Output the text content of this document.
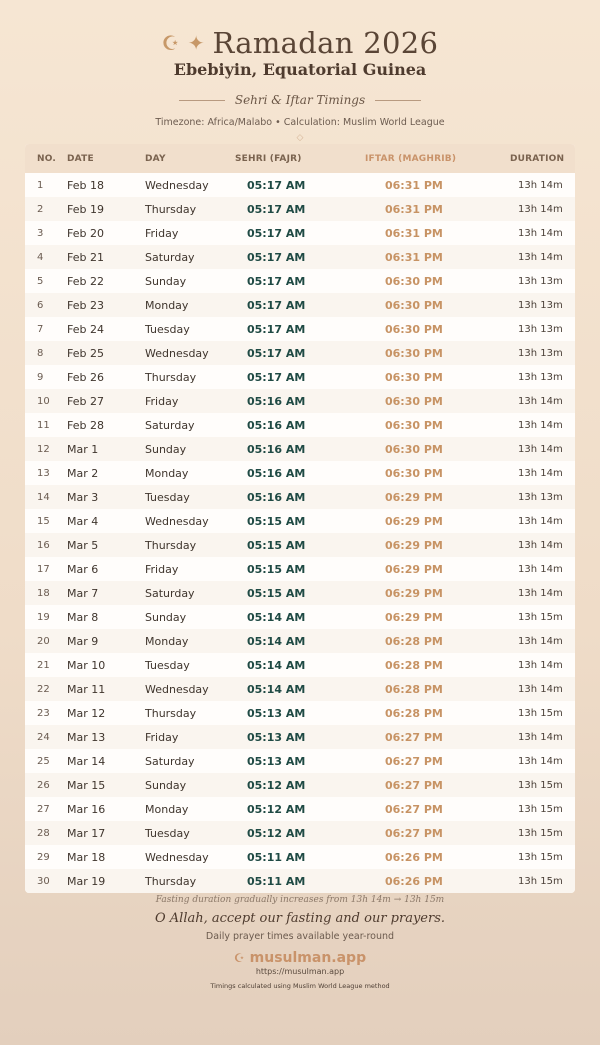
☪ ✦ Ramadan 2026
Ebebiyin, Equatorial Guinea
Sehri & Iftar Timings
Timezone: Africa/Malabo • Calculation: Muslim World League
◇
NO.	DATE	DAY	SEHRI (FAJR)	IFTAR (MAGHRIB)	DURATION
1	Feb 18	Wednesday	05:17 AM	06:31 PM	13h 14m
2	Feb 19	Thursday	05:17 AM	06:31 PM	13h 14m
3	Feb 20	Friday	05:17 AM	06:31 PM	13h 14m
4	Feb 21	Saturday	05:17 AM	06:31 PM	13h 14m
5	Feb 22	Sunday	05:17 AM	06:30 PM	13h 13m
6	Feb 23	Monday	05:17 AM	06:30 PM	13h 13m
7	Feb 24	Tuesday	05:17 AM	06:30 PM	13h 13m
8	Feb 25	Wednesday	05:17 AM	06:30 PM	13h 13m
9	Feb 26	Thursday	05:17 AM	06:30 PM	13h 13m
10	Feb 27	Friday	05:16 AM	06:30 PM	13h 14m
11	Feb 28	Saturday	05:16 AM	06:30 PM	13h 14m
12	Mar 1	Sunday	05:16 AM	06:30 PM	13h 14m
13	Mar 2	Monday	05:16 AM	06:30 PM	13h 14m
14	Mar 3	Tuesday	05:16 AM	06:29 PM	13h 13m
15	Mar 4	Wednesday	05:15 AM	06:29 PM	13h 14m
16	Mar 5	Thursday	05:15 AM	06:29 PM	13h 14m
17	Mar 6	Friday	05:15 AM	06:29 PM	13h 14m
18	Mar 7	Saturday	05:15 AM	06:29 PM	13h 14m
19	Mar 8	Sunday	05:14 AM	06:29 PM	13h 15m
20	Mar 9	Monday	05:14 AM	06:28 PM	13h 14m
21	Mar 10	Tuesday	05:14 AM	06:28 PM	13h 14m
22	Mar 11	Wednesday	05:14 AM	06:28 PM	13h 14m
23	Mar 12	Thursday	05:13 AM	06:28 PM	13h 15m
24	Mar 13	Friday	05:13 AM	06:27 PM	13h 14m
25	Mar 14	Saturday	05:13 AM	06:27 PM	13h 14m
26	Mar 15	Sunday	05:12 AM	06:27 PM	13h 15m
27	Mar 16	Monday	05:12 AM	06:27 PM	13h 15m
28	Mar 17	Tuesday	05:12 AM	06:27 PM	13h 15m
29	Mar 18	Wednesday	05:11 AM	06:26 PM	13h 15m
30	Mar 19	Thursday	05:11 AM	06:26 PM	13h 15m
Fasting duration gradually increases from 13h 14m → 13h 15m
O Allah, accept our fasting and our prayers.
Daily prayer times available year-round
☪ musulman.app
https://musulman.app
Timings calculated using Muslim World League method
